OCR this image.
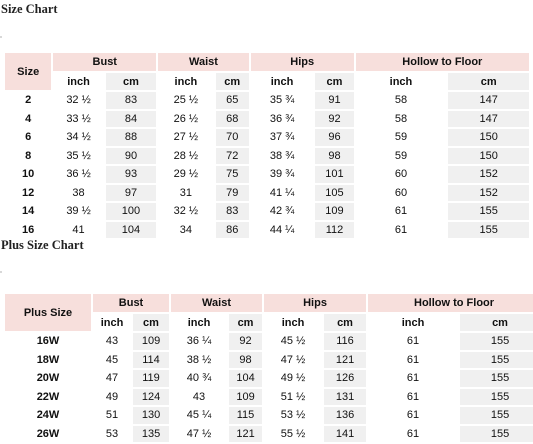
Size Chart
Size	Bust		Waist		Hips		Hollow to Floor	
	inch	cm	inch	cm	inch	cm	inch	cm
2	32 ½	83	25 ½	65	35 ¾	91	58	147
4	33 ½	84	26 ½	68	36 ¾	92	58	147
6	34 ½	88	27 ½	70	37 ¾	96	59	150
8	35 ½	90	28 ½	72	38 ¾	98	59	150
10	36 ½	93	29 ½	75	39 ¾	101	60	152
12	38	97	31	79	41 ¼	105	60	152
14	39 ½	100	32 ½	83	42 ¾	109	61	155
16	41	104	34	86	44 ¼	112	61	155
Plus Size Chart
Plus Size	Bust		Waist		Hips		Hollow to Floor	
	inch	cm	inch	cm	inch	cm	inch	cm
16W	43	109	36 ¼	92	45 ½	116	61	155
18W	45	114	38 ½	98	47 ½	121	61	155
20W	47	119	40 ¾	104	49 ½	126	61	155
22W	49	124	43	109	51 ½	131	61	155
24W	51	130	45 ¼	115	53 ½	136	61	155
26W	53	135	47 ½	121	55 ½	141	61	155
